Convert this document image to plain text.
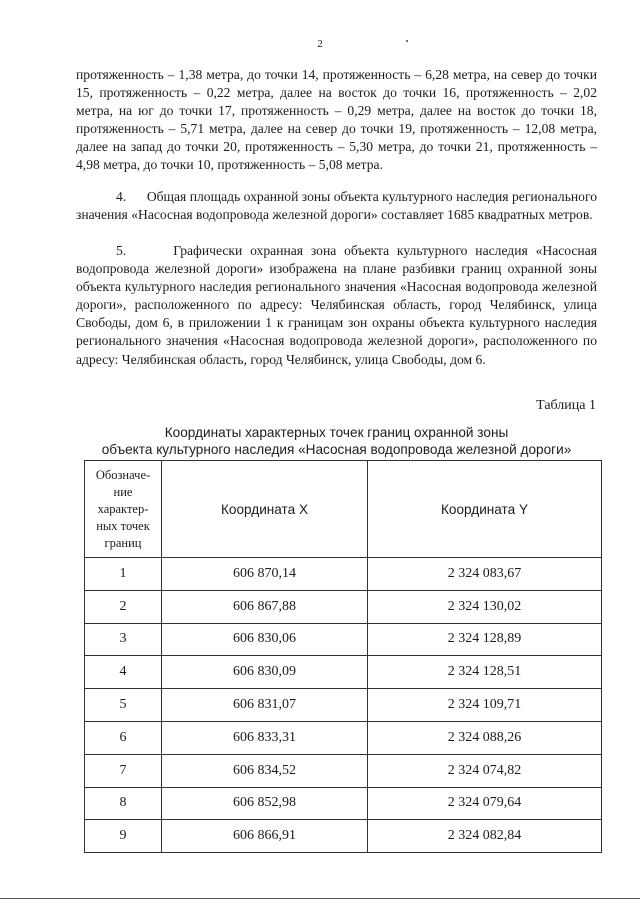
2

протяженность – 1,38 метра, до точки 14, протяженность – 6,28 метра, на север до точки 15, протяженность – 0,22 метра, далее на восток до точки 16, протяженность – 2,02 метра, на юг до точки 17, протяженность – 0,29 метра, далее на восток до точки 18, протяженность – 5,71 метра, далее на север до точки 19, протяженность – 12,08 метра, далее на запад до точки 20, протяженность – 5,30 метра, до точки 21, протяженность – 4,98 метра, до точки 10, протяженность – 5,08 метра.

4.      Общая площадь охранной зоны объекта культурного наследия регионального значения «Насосная водопровода железной дороги» составляет 1685 квадратных метров.

5.      Графически охранная зона объекта культурного наследия «Насосная водопровода железной дороги» изображена на плане разбивки границ охранной зоны объекта культурного наследия регионального значения «Насосная водопровода железной дороги», расположенного по адресу: Челябинская область, город Челябинск, улица Свободы, дом 6, в приложении 1 к границам зон охраны объекта культурного наследия регионального значения «Насосная водопровода железной дороги», расположенного по адресу: Челябинская область, город Челябинск, улица Свободы, дом 6.

Таблица 1
Координаты характерных точек границ охранной зоны
объекта культурного наследия «Насосная водопровода железной дороги»
Обозначе-
ние
характер-
ных точек
границ	Координата X	Координата Y
1	606 870,14	2 324 083,67
2	606 867,88	2 324 130,02
3	606 830,06	2 324 128,89
4	606 830,09	2 324 128,51
5	606 831,07	2 324 109,71
6	606 833,31	2 324 088,26
7	606 834,52	2 324 074,82
8	606 852,98	2 324 079,64
9	606 866,91	2 324 082,84
